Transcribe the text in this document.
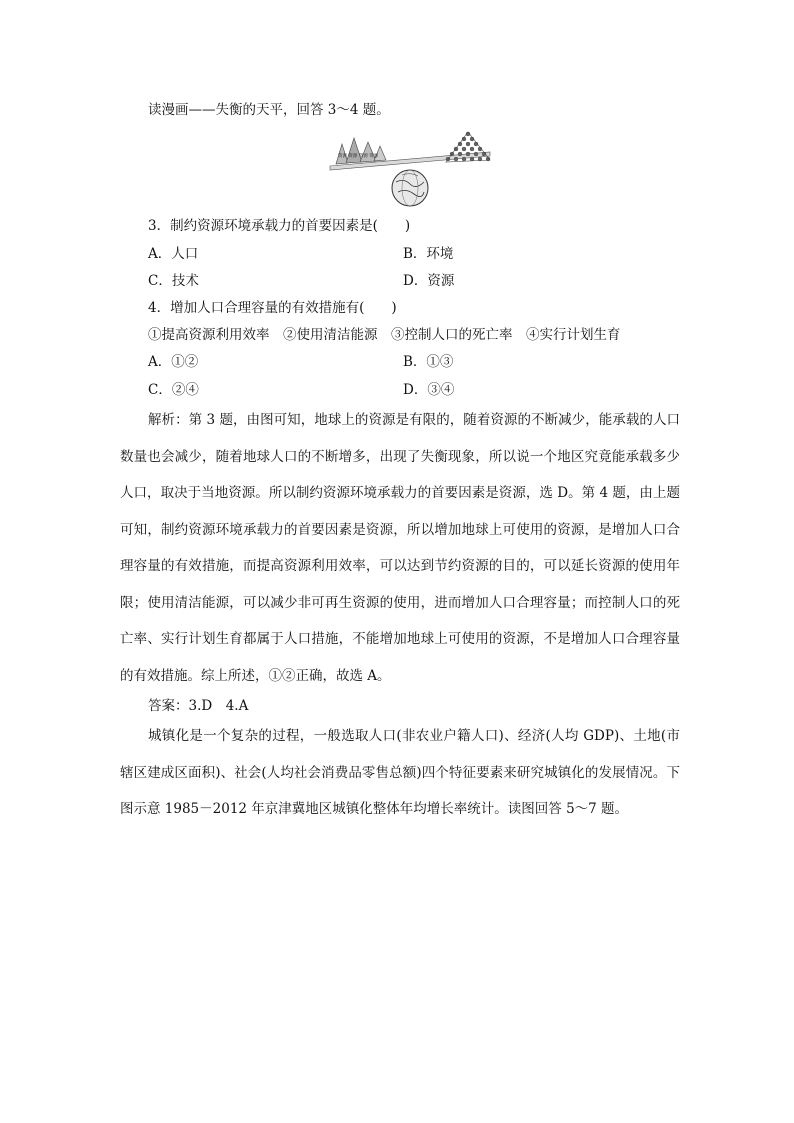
读漫画——失衡的天平，回答 3～4 题。
资源 资源 资源 资源
3．制约资源环境承载力的首要因素是(　　)
A．人口	B．环境
C．技术	D．资源
4．增加人口合理容量的有效措施有(　　)
①提高资源利用效率　②使用清洁能源　③控制人口的死亡率　④实行计划生育
A．①②	B．①③
C．②④	D．③④
解析：第 3 题，由图可知，地球上的资源是有限的，随着资源的不断减少，能承载的人口数量也会减少，随着地球人口的不断增多，出现了失衡现象，所以说一个地区究竟能承载多少人口，取决于当地资源。所以制约资源环境承载力的首要因素是资源，选 D。第 4 题，由上题可知，制约资源环境承载力的首要因素是资源，所以增加地球上可使用的资源，是增加人口合理容量的有效措施，而提高资源利用效率，可以达到节约资源的目的，可以延长资源的使用年限；使用清洁能源，可以减少非可再生资源的使用，进而增加人口合理容量；而控制人口的死亡率、实行计划生育都属于人口措施，不能增加地球上可使用的资源，不是增加人口合理容量的有效措施。综上所述，①②正确，故选 A。
答案：3.D　4.A
城镇化是一个复杂的过程，一般选取人口(非农业户籍人口)、经济(人均 GDP)、土地(市辖区建成区面积)、社会(人均社会消费品零售总额)四个特征要素来研究城镇化的发展情况。下图示意 1985－2012 年京津冀地区城镇化整体年均增长率统计。读图回答 5～7 题。
